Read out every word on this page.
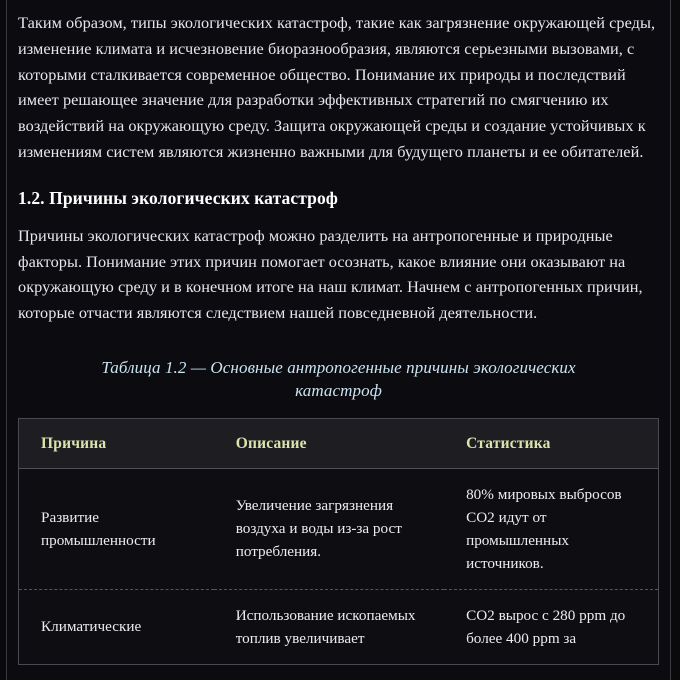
Таким образом, типы экологических катастроф, такие как загрязнение окружающей среды, изменение климата и исчезновение биоразнообразия, являются серьезными вызовами, с которыми сталкивается современное общество. Понимание их природы и последствий имеет решающее значение для разработки эффективных стратегий по смягчению их воздействий на окружающую среду. Защита окружающей среды и создание устойчивых к изменениям систем являются жизненно важными для будущего планеты и ее обитателей.

1.2. Причины экологических катастроф

Причины экологических катастроф можно разделить на антропогенные и природные факторы. Понимание этих причин помогает осознать, какое влияние они оказывают на окружающую среду и в конечном итоге на наш климат. Начнем с антропогенных причин, которые отчасти являются следствием нашей повседневной деятельности.

Таблица 1.2 — Основные антропогенные причины экологических катастроф
Причина	Описание	Статистика
Развитие промышленности	Увеличение загрязнения воздуха и воды из-за рост потребления.	80% мировых выбросов CO2 идут от промышленных источников.
Климатические	Использование ископаемых топлив увеличивает	CO2 вырос с 280 ppm до более 400 ppm за
